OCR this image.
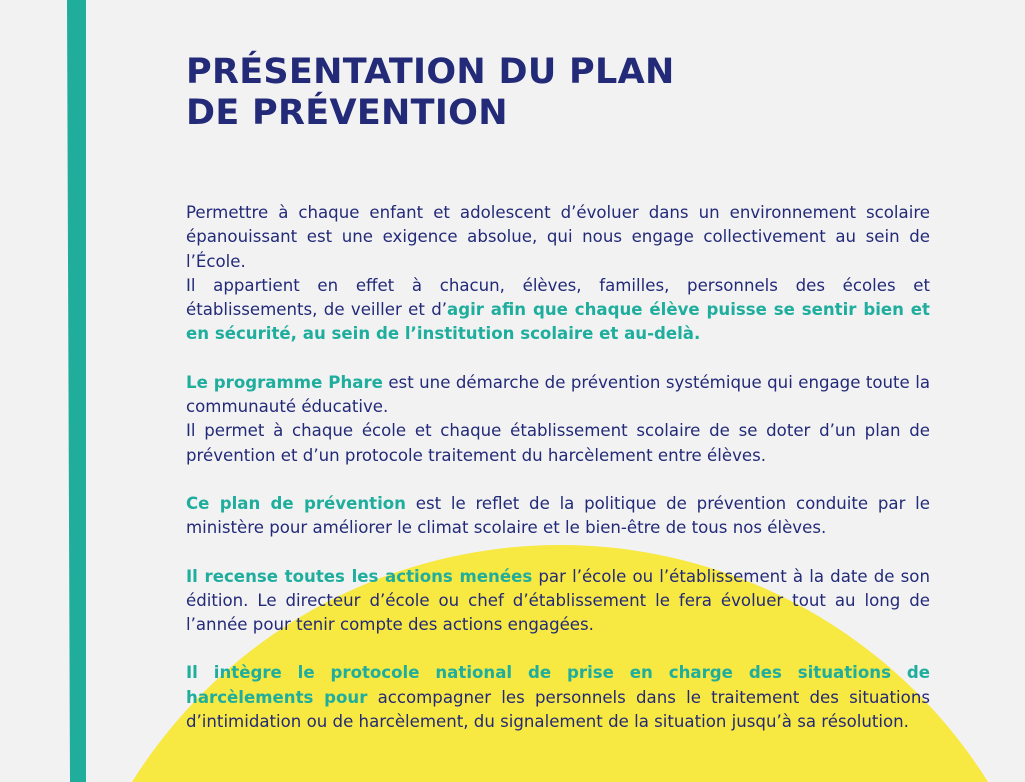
PRÉSENTATION DU PLAN
DE PRÉVENTION

Permettre à chaque enfant et adolescent d’évoluer dans un environnement scolaire épanouissant est une exigence absolue, qui nous engage collectivement au sein de l’École.

Il appartient en effet à chacun, élèves, familles, personnels des écoles et établissements, de veiller et d’agir afin que chaque élève puisse se sentir bien et en sécurité, au sein de l’institution scolaire et au-delà.

Le programme Phare est une démarche de prévention systémique qui engage toute la communauté éducative.

Il permet à chaque école et chaque établissement scolaire de se doter d’un plan de prévention et d’un protocole traitement du harcèlement entre élèves.

Ce plan de prévention est le reflet de la politique de prévention conduite par le ministère pour améliorer le climat scolaire et le bien-être de tous nos élèves.

Il recense toutes les actions menées par l’école ou l’établissement à la date de son édition. Le directeur d’école ou chef d’établissement le fera évoluer tout au long de l’année pour tenir compte des actions engagées.

Il intègre le protocole national de prise en charge des situations de harcèlements pour accompagner les personnels dans le traitement des situations d’intimidation ou de harcèlement, du signalement de la situation jusqu’à sa résolution.
